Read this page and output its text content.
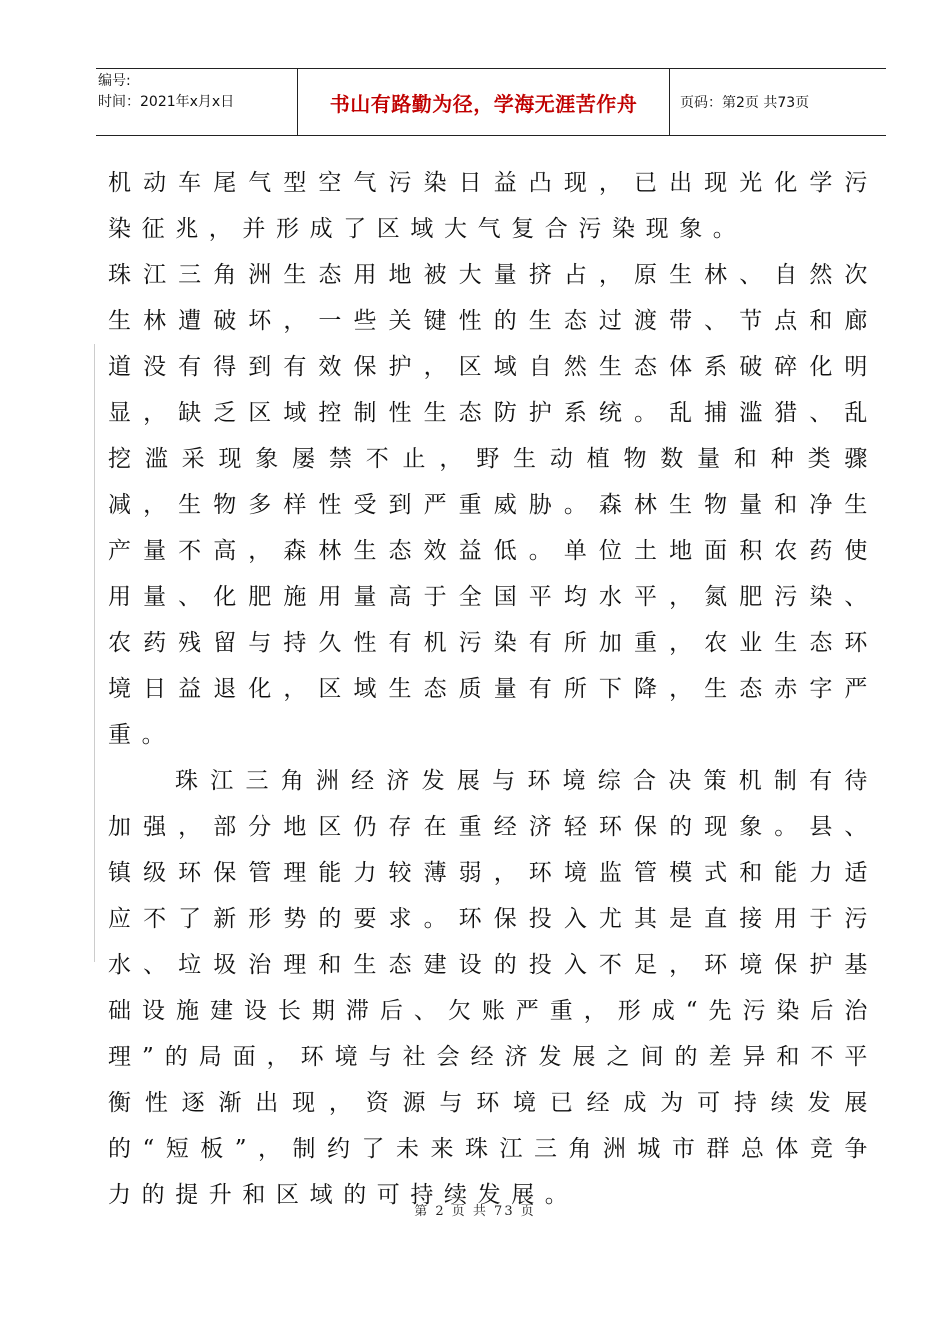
编号:
时间：2021年x月x日	书山有路勤为径，学海无涯苦作舟	页码：第2页 共73页

机动车尾气型空气污染日益凸现，已出现光化学污染征兆，并形成了区域大气复合污染现象。

珠江三角洲生态用地被大量挤占，原生林、自然次生林遭破坏，一些关键性的生态过渡带、节点和廊道没有得到有效保护，区域自然生态体系破碎化明显，缺乏区域控制性生态防护系统。乱捕滥猎、乱挖滥采现象屡禁不止，野生动植物数量和种类骤减，生物多样性受到严重威胁。森林生物量和净生产量不高，森林生态效益低。单位土地面积农药使用量、化肥施用量高于全国平均水平，氮肥污染、农药残留与持久性有机污染有所加重，农业生态环境日益退化，区域生态质量有所下降，生态赤字严重。

珠江三角洲经济发展与环境综合决策机制有待加强，部分地区仍存在重经济轻环保的现象。县、镇级环保管理能力较薄弱，环境监管模式和能力适应不了新形势的要求。环保投入尤其是直接用于污水、垃圾治理和生态建设的投入不足，环境保护基础设施建设长期滞后、欠账严重，形成“先污染后治理”的局面，环境与社会经济发展之间的差异和不平衡性逐渐出现，资源与环境已经成为可持续发展的“短板”，制约了未来珠江三角洲城市群总体竞争力的提升和区域的可持续发展。

第 2 页 共 73 页
